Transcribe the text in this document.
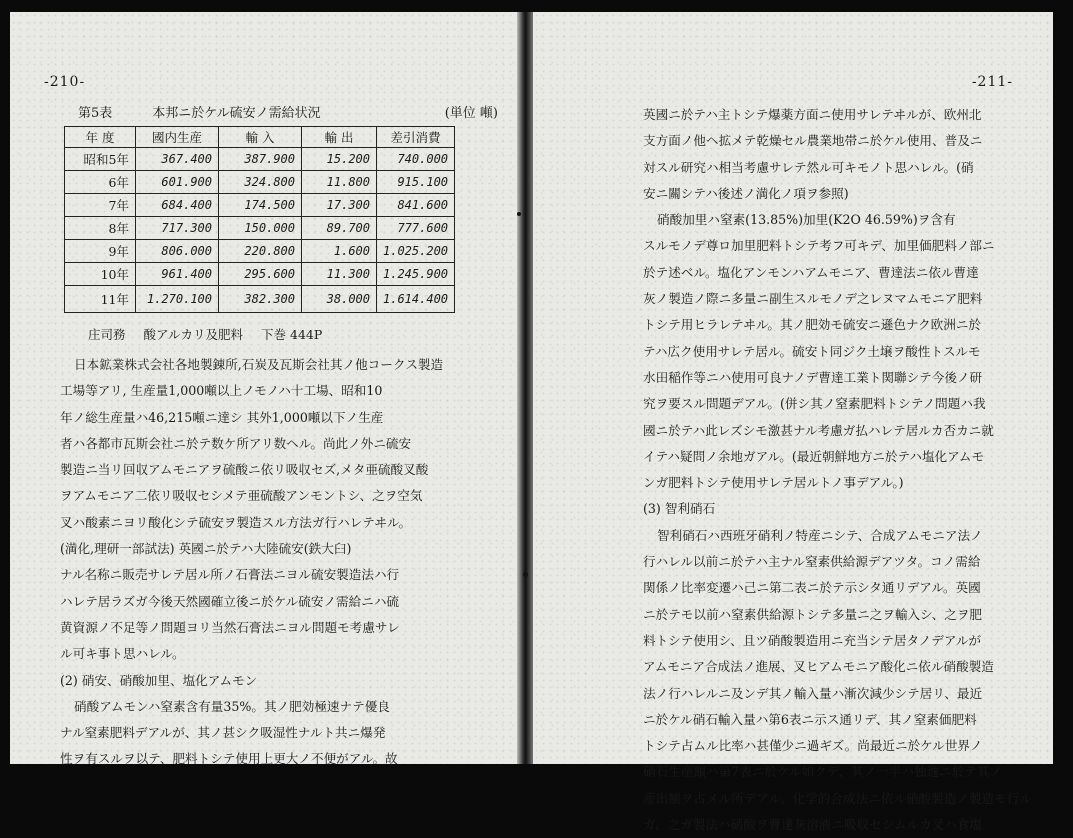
-210-
第5表	本邦ニ於ケル硫安ノ需給状況	(単位 噸)
年 度	國内生産	輸 入	輸 出	差引消費
昭和5年	367.400	387.900	15.200	740.000
6年	601.900	324.800	11.800	915.100
7年	684.400	174.500	17.300	841.600
8年	717.300	150.000	89.700	777.600
9年	806.000	220.800	1.600	1.025.200
10年	961.400	295.600	11.300	1.245.900
11年	1.270.100	382.300	38.000	1.614.400
庄司務 酸アルカリ及肥料 下巻 444P

日本鉱業株式会社各地製錬所,石炭及瓦斯会社其ノ他コークス製造

工場等アリ, 生産量1,000噸以上ノモノハ十工場、昭和10

年ノ総生産量ハ46,215噸ニ達シ 其外1,000噸以下ノ生産

者ハ各都市瓦斯会社ニ於テ数ケ所アリ数ヘル。尚此ノ外ニ硫安

製造ニ当リ回収アムモニアヲ硫酸ニ依リ吸収セズ,メタ亜硫酸叉酸

ヲアムモニア二依リ吸収セシメテ亜硫酸アンモントシ、之ヲ空気

叉ハ酸素ニヨリ酸化シテ硫安ヲ製造スル方法ガ行ハレテヰル。

(満化,理研一部試法) 英國ニ於テハ大陸硫安(鉄大臼)

ナル名称ニ販売サレテ居ル所ノ石膏法ニヨル硫安製造法ハ行

ハレテ居ラズガ今後天然國確立後ニ於ケル硫安ノ需給ニハ硫

黄資源ノ不足等ノ問題ヨリ当然石膏法ニヨル問題モ考慮サレ

ル可キ事ト思ハレル。

(2) 硝安、硝酸加里、塩化アムモン

硝酸アムモンハ窒素含有量35%。其ノ肥効極速ナテ優良

ナル窒素肥料デアルが、其ノ甚シク吸湿性ナルト共ニ爆発

性ヲ有スルヲ以テ、肥料トシテ使用上更大ノ不便がアル。故

-211-

英國ニ於テハ主トシテ爆薬方面ニ使用サレテヰルが、欧州北

支方面ノ他ヘ拡メテ乾燥セル農業地帯ニ於ケル使用、普及ニ

対スル研究ハ相当考慮サレテ然ル可キモノト思ハレル。(硝

安ニ關シテハ後述ノ満化ノ項ヲ参照)

硝酸加里ハ窒素(13.85%)加里(K2O 46.59%)ヲ含有

スルモノデ尊ロ加里肥料トシテ考フ可キデ、加里価肥料ノ部ニ

於テ述ベル。塩化アンモンハアムモニア、曹達法ニ依ル曹達

灰ノ製造ノ際ニ多量ニ副生スルモノデ之レヌマムモニア肥料

トシテ用ヒラレテヰル。其ノ肥効モ硫安ニ遜色ナク欧洲ニ於

テハ広ク使用サレテ居ル。硫安ト同ジク土壌ヲ酸性トスルモ

水田稲作等ニハ使用可良ナノデ曹達工業ト関聯シテ今後ノ研

究ヲ要スル問題デアル。(併シ其ノ窒素肥料トシテノ問題ハ我

國ニ於テハ此レズシモ激甚ナル考慮ガ払ハレテ居ルカ否カニ就

イテハ疑問ノ余地ガアル。(最近朝鮮地方ニ於テハ塩化アムモ

ンガ肥料トシテ使用サレテ居ルトノ事デアル。)

(3) 智利硝石

智利硝石ハ西班牙硝利ノ特産ニシテ、合成アムモニア法ノ

行ハレル以前ニ於テハ主ナル窒素供給源デアツタ。コノ需給

関係ノ比率変遷ハ己ニ第二表ニ於テ示シタ通リデアル。英國

ニ於テモ以前ハ窒素供給源トシテ多量ニ之ヲ輸入シ、之ヲ肥

料トシテ使用シ、且ツ硝酸製造用ニ充当シテ居タノデアルが

アムモニア合成法ノ進展、叉ヒアムモニア酸化ニ依ル硝酸製造

法ノ行ハレルニ及ンデ其ノ輸入量ハ漸次減少シテ居リ、最近

ニ於ケル硝石輸入量ハ第6表ニ示ス通リデ、其ノ窒素価肥料

トシテ占ムル比率ハ甚僅少ニ過ギズ。尚最近ニ於ケル世界ノ

硝石生産額ハ第7表ニ於ケル如クデ、其ノ一半ハ独逸ニ於テ其ノ

産出額ヲ占メル所デアル。化学的合成法ニ依ル硝酸製造ノ製造モ行ル

ガ、之ガ製法ハ硝酸ヲ曹達灰溶液ニ吸収セシムルカ叉ハ食塩
